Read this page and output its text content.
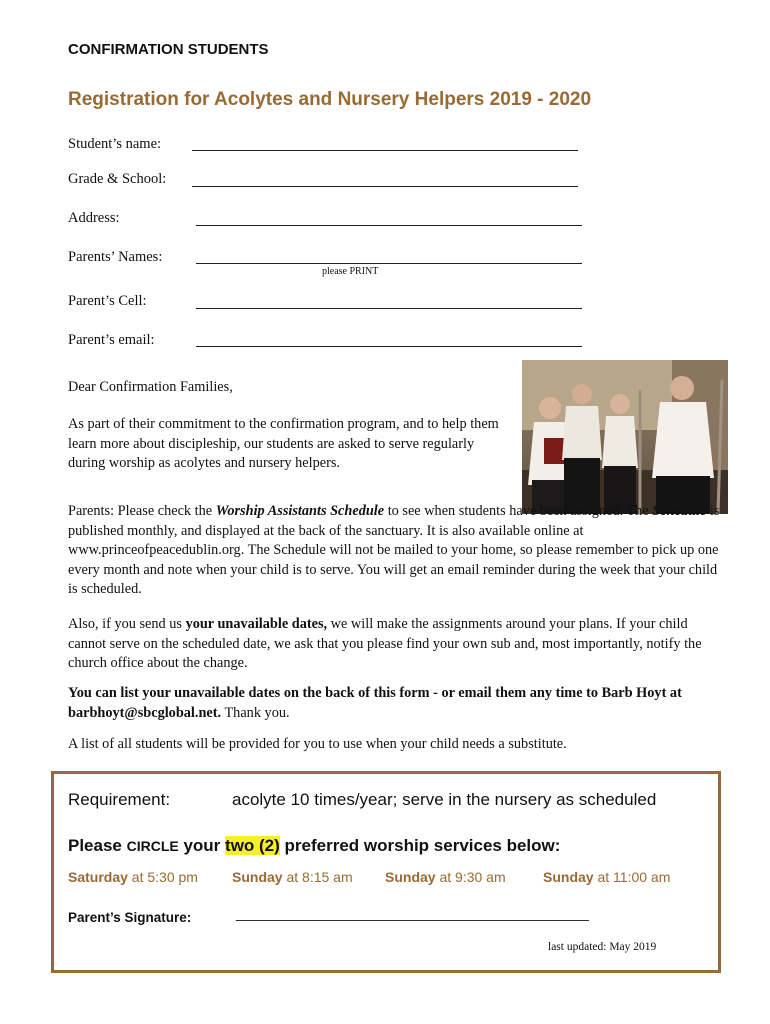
CONFIRMATION STUDENTS
Registration for Acolytes and Nursery Helpers 2019 - 2020
Student’s name:
Grade & School:
Address:
Parents’ Names:
please PRINT
Parent’s Cell:
Parent’s email:
Dear Confirmation Families,
As part of their commitment to the confirmation program, and to help them learn more about discipleship, our students are asked to serve regularly during worship as acolytes and nursery helpers.
Parents: Please check the Worship Assistants Schedule to see when students have been assigned. The Schedule is published monthly, and displayed at the back of the sanctuary. It is also available online at www.princeofpeacedublin.org. The Schedule will not be mailed to your home, so please remember to pick up one every month and note when your child is to serve. You will get an email reminder during the week that your child is scheduled.
Also, if you send us your unavailable dates, we will make the assignments around your plans. If your child cannot serve on the scheduled date, we ask that you please find your own sub and, most importantly, notify the church office about the change.
You can list your unavailable dates on the back of this form - or email them any time to Barb Hoyt at barbhoyt@sbcglobal.net. Thank you.
A list of all students will be provided for you to use when your child needs a substitute.
Requirement:	acolyte 10 times/year; serve in the nursery as scheduled
Please CIRCLE your two (2) preferred worship services below:
Saturday at 5:30 pm Sunday at 8:15 am Sunday at 9:30 am	Sunday at 11:00 am
Parent’s Signature:	_______________________________________________
last updated: May 2019
